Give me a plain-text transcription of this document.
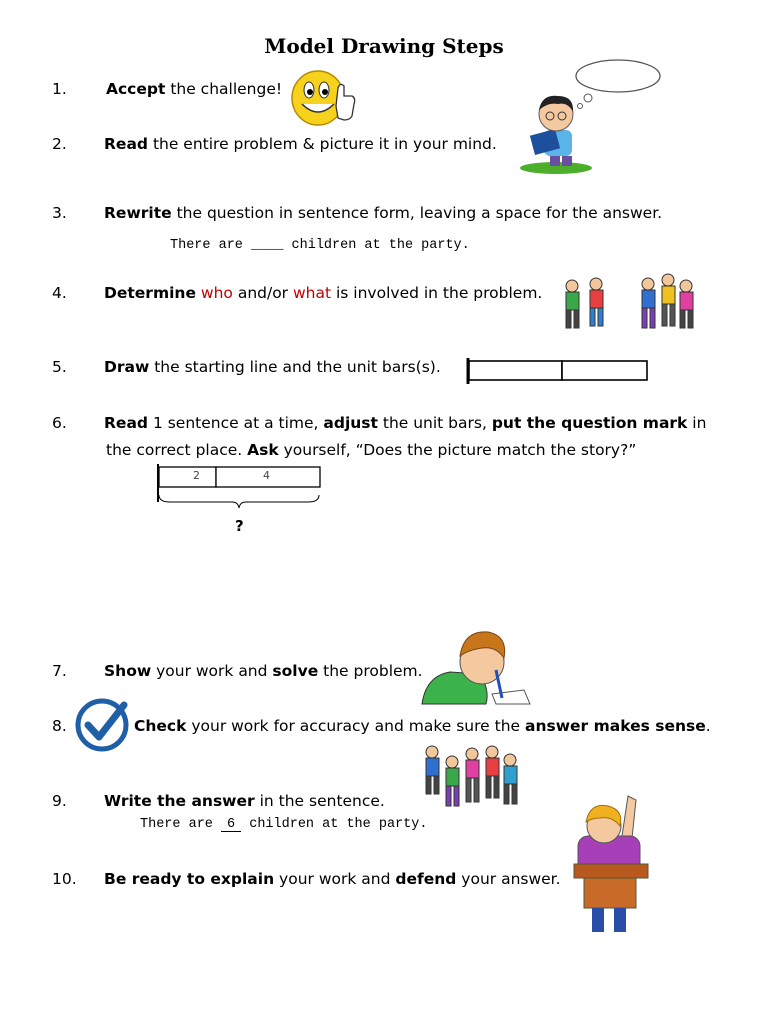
Model Drawing Steps
1.	Accept the challenge!
2. Read the entire problem & picture it in your mind.
3. Rewrite the question in sentence form, leaving a space for the answer.
4. Determine who and/or what is involved in the problem.
5. Draw the starting line and the unit bars(s).
6. Read 1 sentence at a time, adjust the unit bars, put the question mark in
7. Show your work and solve the problem.
8.	Check your work for accuracy and make sure the answer makes sense.
9. Write the answer in the sentence.
10. Be ready to explain your work and defend your answer.
There are ____ children at the party.
the correct place. Ask yourself, “Does the picture match the story?”
There are 6 children at the party.
2	4
?
